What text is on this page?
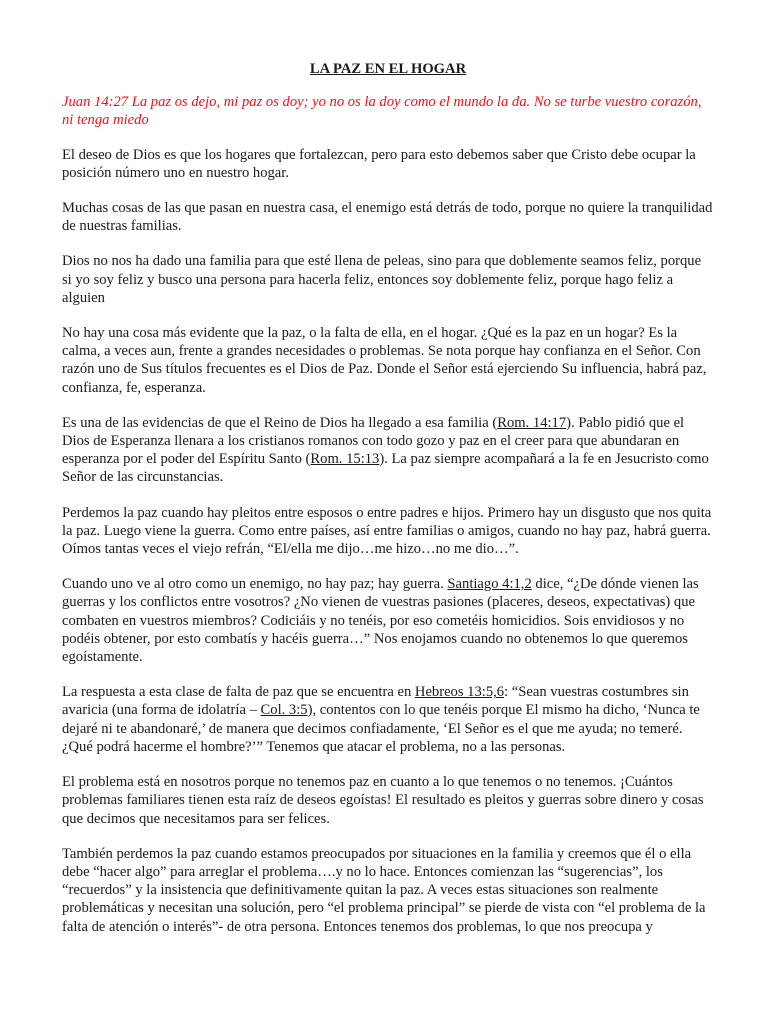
LA PAZ EN EL HOGAR

Juan 14:27 La paz os dejo, mi paz os doy; yo no os la doy como el mundo la da. No se turbe vuestro corazón, ni tenga miedo

El deseo de Dios es que los hogares que fortalezcan, pero para esto debemos saber que Cristo debe ocupar la posición número uno en nuestro hogar.

Muchas cosas de las que pasan en nuestra casa, el enemigo está detrás de todo, porque no quiere la tranquilidad de nuestras familias.

Dios no nos ha dado una familia para que esté llena de peleas, sino para que doblemente seamos feliz, porque si yo soy feliz y busco una persona para hacerla feliz, entonces soy doblemente feliz, porque hago feliz a alguien

No hay una cosa más evidente que la paz, o la falta de ella, en el hogar. ¿Qué es la paz en un hogar? Es la calma, a veces aun, frente a grandes necesidades o problemas. Se nota porque hay confianza en el Señor. Con razón uno de Sus títulos frecuentes es el Dios de Paz. Donde el Señor está ejerciendo Su influencia, habrá paz, confianza, fe, esperanza.

Es una de las evidencias de que el Reino de Dios ha llegado a esa familia (Rom. 14:17). Pablo pidió que el Dios de Esperanza llenara a los cristianos romanos con todo gozo y paz en el creer para que abundaran en esperanza por el poder del Espíritu Santo (Rom. 15:13). La paz siempre acompañará a la fe en Jesucristo como Señor de las circunstancias.

Perdemos la paz cuando hay pleitos entre esposos o entre padres e hijos. Primero hay un disgusto que nos quita la paz. Luego viene la guerra. Como entre países, así entre familias o amigos, cuando no hay paz, habrá guerra. Oímos tantas veces el viejo refrán, “El/ella me dijo…me hizo…no me dio…”.

Cuando uno ve al otro como un enemigo, no hay paz; hay guerra. Santiago 4:1,2 dice, “¿De dónde vienen las guerras y los conflictos entre vosotros? ¿No vienen de vuestras pasiones (placeres, deseos, expectativas) que combaten en vuestros miembros? Codiciáis y no tenéis, por eso cometéis homicidios. Sois envidiosos y no podéis obtener, por esto combatís y hacéis guerra…” Nos enojamos cuando no obtenemos lo que queremos egoístamente.

La respuesta a esta clase de falta de paz que se encuentra en Hebreos 13:5,6: “Sean vuestras costumbres sin avaricia (una forma de idolatría – Col. 3:5), contentos con lo que tenéis porque El mismo ha dicho, ‘Nunca te dejaré ni te abandonaré,’ de manera que decimos confiadamente, ‘El Señor es el que me ayuda; no temeré. ¿Qué podrá hacerme el hombre?’” Tenemos que atacar el problema, no a las personas.

El problema está en nosotros porque no tenemos paz en cuanto a lo que tenemos o no tenemos. ¡Cuántos problemas familiares tienen esta raíz de deseos egoístas! El resultado es pleitos y guerras sobre dinero y cosas que decimos que necesitamos para ser felices.

También perdemos la paz cuando estamos preocupados por situaciones en la familia y creemos que él o ella debe “hacer algo” para arreglar el problema….y no lo hace. Entonces comienzan las “sugerencias”, los “recuerdos” y la insistencia que definitivamente quitan la paz. A veces estas situaciones son realmente problemáticas y necesitan una solución, pero “el problema principal” se pierde de vista con “el problema de la falta de atención o interés”- de otra persona. Entonces tenemos dos problemas, lo que nos preocupa y
